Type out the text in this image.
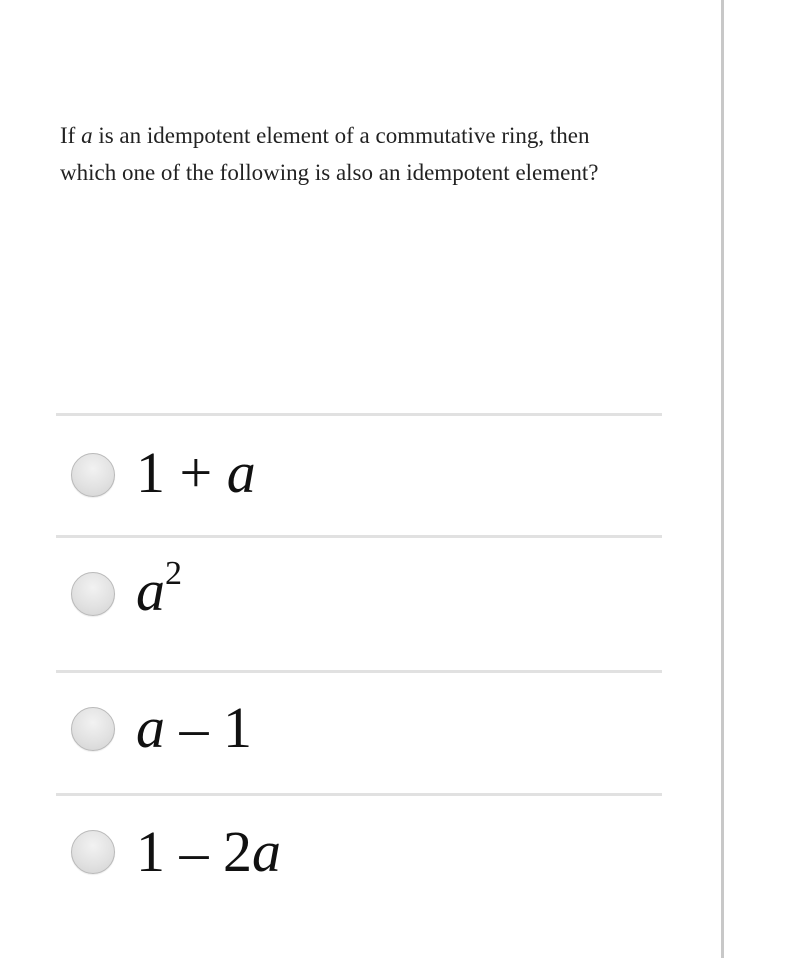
If a is an idempotent element of a commutative ring, then
which one of the following is also an idempotent element?
1 + a
$a^2$
a – 1
1 – 2a
